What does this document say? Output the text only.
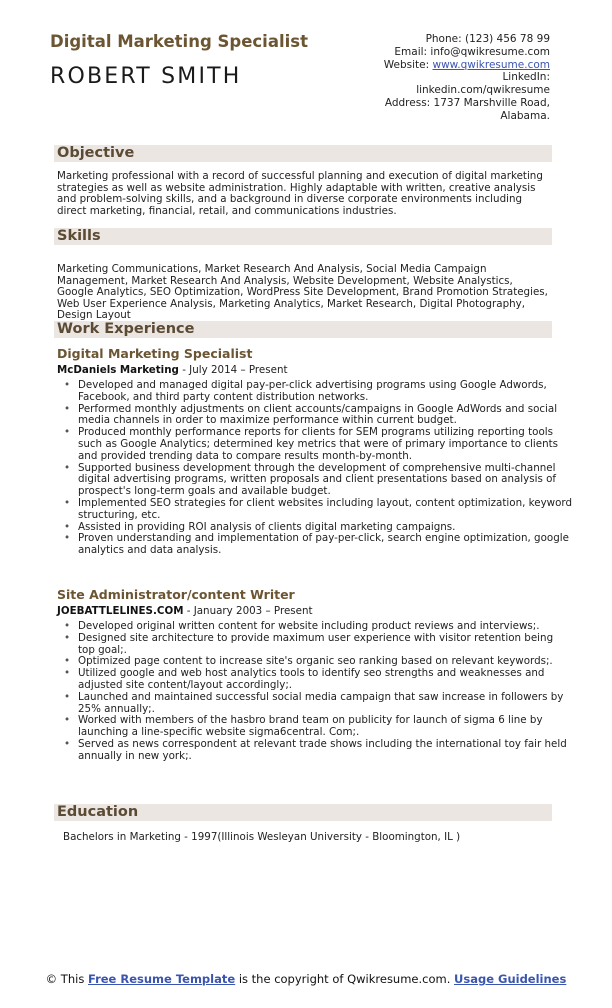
Digital Marketing Specialist
ROBERT SMITH
Phone: (123) 456 78 99
Email: info@qwikresume.com
Website: www.qwikresume.com
LinkedIn:
linkedin.com/qwikresume
Address: 1737 Marshville Road,
Alabama.
Objective
Marketing professional with a record of successful planning and execution of digital marketing strategies as well as website administration. Highly adaptable with written, creative analysis and problem-solving skills, and a background in diverse corporate environments including direct marketing, financial, retail, and communications industries.
Skills
Marketing Communications, Market Research And Analysis, Social Media Campaign Management, Market Research And Analysis, Website Development, Website Analystics, Google Analytics, SEO Optimization, WordPress Site Development, Brand Promotion Strategies, Web User Experience Analysis, Marketing Analytics, Market Research, Digital Photography, Design Layout
Work Experience
Digital Marketing Specialist
McDaniels Marketing - July 2014 – Present
• Developed and managed digital pay-per-click advertising programs using Google Adwords, Facebook, and third party content distribution networks.
• Performed monthly adjustments on client accounts/campaigns in Google AdWords and social media channels in order to maximize performance within current budget.
• Produced monthly performance reports for clients for SEM programs utilizing reporting tools such as Google Analytics; determined key metrics that were of primary importance to clients and provided trending data to compare results month-by-month.
• Supported business development through the development of comprehensive multi-channel digital advertising programs, written proposals and client presentations based on analysis of prospect's long-term goals and available budget.
• Implemented SEO strategies for client websites including layout, content optimization, keyword structuring, etc.
• Assisted in providing ROI analysis of clients digital marketing campaigns.
• Proven understanding and implementation of pay-per-click, search engine optimization, google analytics and data analysis.
Site Administrator/content Writer
JOEBATTLELINES.COM - January 2003 – Present
• Developed original written content for website including product reviews and interviews;.
• Designed site architecture to provide maximum user experience with visitor retention being top goal;.
• Optimized page content to increase site's organic seo ranking based on relevant keywords;.
• Utilized google and web host analytics tools to identify seo strengths and weaknesses and adjusted site content/layout accordingly;.
• Launched and maintained successful social media campaign that saw increase in followers by 25% annually;.
• Worked with members of the hasbro brand team on publicity for launch of sigma 6 line by launching a line-specific website sigma6central. Com;.
• Served as news correspondent at relevant trade shows including the international toy fair held annually in new york;.
Education
Bachelors in Marketing - 1997(Illinois Wesleyan University - Bloomington, IL )
© This Free Resume Template is the copyright of Qwikresume.com. Usage Guidelines
